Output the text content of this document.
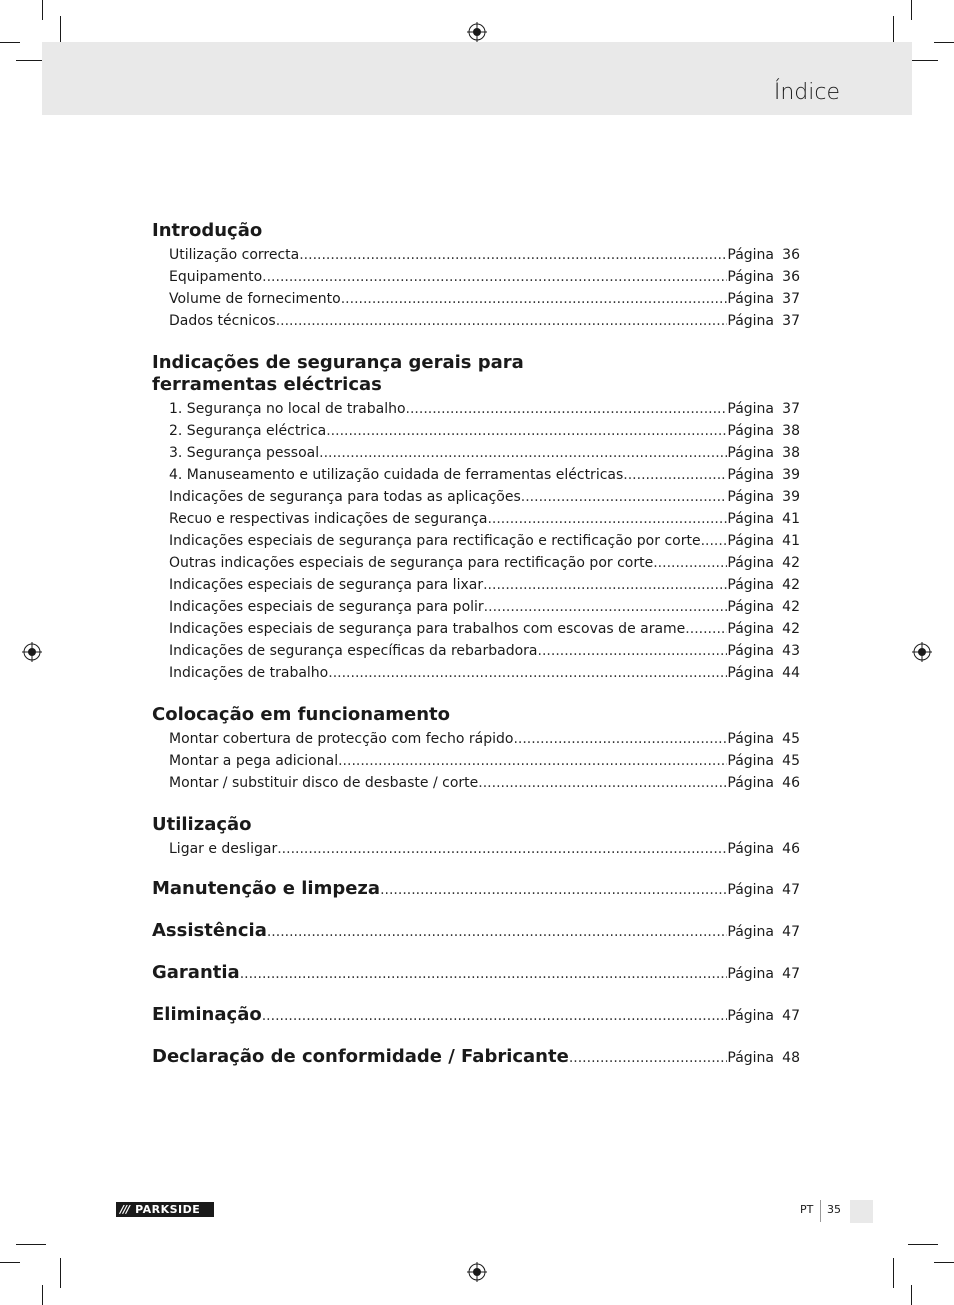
Índice
Introdução
Utilização correcta .....	Página 36
Equipamento .....	Página 36
Volume de fornecimento .....	Página 37
Dados técnicos .....	Página 37
Indicações de segurança gerais para
ferramentas eléctricas
1. Segurança no local de trabalho .....	Página 37
2. Segurança eléctrica .....	Página 38
3. Segurança pessoal .....	Página 38
4. Manuseamento e utilização cuidada de ferramentas eléctricas .....	Página 39
Indicações de segurança para todas as aplicações .....	Página 39
Recuo e respectivas indicações de segurança .....	Página 41
Indicações especiais de segurança para rectificação e rectificação por corte ..... Página 41
Outras indicações especiais de segurança para rectificação por corte .....	Página 42
Indicações especiais de segurança para lixar .....	Página 42
Indicações especiais de segurança para polir .....	Página 42
Indicações especiais de segurança para trabalhos com escovas de arame .....	Página 42
Indicações de segurança específicas da rebarbadora .....	Página 43
Indicações de trabalho .....	Página 44
Colocação em funcionamento
Montar cobertura de protecção com fecho rápido .....	Página 45
Montar a pega adicional .....	Página 45
Montar / substituir disco de desbaste / corte .....	Página 46
Utilização
Ligar e desligar .....	Página 46
Manutenção e limpeza .....	Página 47
Assistência .....	Página 47
Garantia .....	Página 47
Eliminação .....	Página 47
Declaração de conformidade / Fabricante .....	Página 48
/// PARKSIDE	PT 35
